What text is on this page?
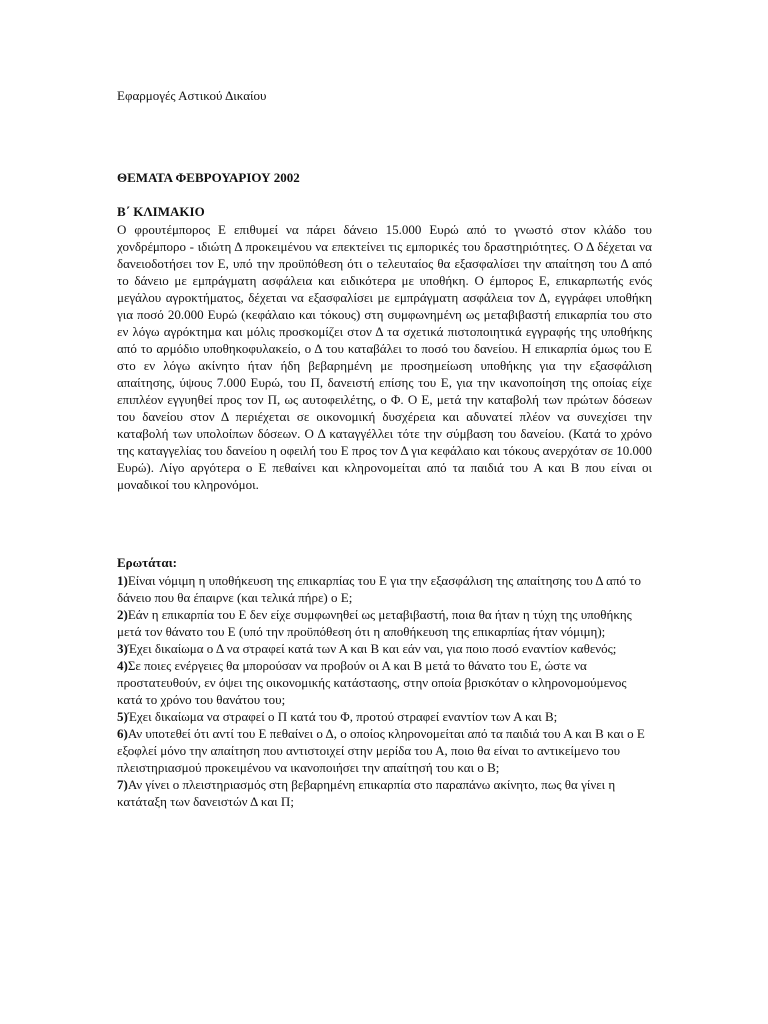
Εφαρμογές Αστικού Δικαίου

ΘΕΜΑΤΑ ΦΕΒΡΟΥΑΡΙΟΥ 2002

Β΄ ΚΛΙΜΑΚΙΟ

Ο φρουτέμπορος Ε επιθυμεί να πάρει δάνειο 15.000 Ευρώ από το γνωστό στον κλάδο του χονδρέμπορο - ιδιώτη Δ προκειμένου να επεκτείνει τις εμπορικές του δραστηριότητες. Ο Δ δέχεται να δανειοδοτήσει τον Ε, υπό την προϋπόθεση ότι ο τελευταίος θα εξασφαλίσει την απαίτηση του Δ από το δάνειο με εμπράγματη ασφάλεια και ειδικότερα με υποθήκη. Ο έμπορος Ε, επικαρπωτής ενός μεγάλου αγροκτήματος, δέχεται να εξασφαλίσει με εμπράγματη ασφάλεια τον Δ, εγγράφει υποθήκη για ποσό 20.000 Ευρώ (κεφάλαιο και τόκους) στη συμφωνημένη ως μεταβιβαστή επικαρπία του στο εν λόγω αγρόκτημα και μόλις προσκομίζει στον Δ τα σχετικά πιστοποιητικά εγγραφής της υποθήκης από το αρμόδιο υποθηκοφυλακείο, ο Δ του καταβάλει το ποσό του δανείου. Η επικαρπία όμως του Ε στο εν λόγω ακίνητο ήταν ήδη βεβαρημένη με προσημείωση υποθήκης για την εξασφάλιση απαίτησης, ύψους 7.000 Ευρώ, του Π, δανειστή επίσης του Ε, για την ικανοποίηση της οποίας είχε επιπλέον εγγυηθεί προς τον Π, ως αυτοφειλέτης, ο Φ. Ο Ε, μετά την καταβολή των πρώτων δόσεων του δανείου στον Δ περιέχεται σε οικονομική δυσχέρεια και αδυνατεί πλέον να συνεχίσει την καταβολή των υπολοίπων δόσεων. Ο Δ καταγγέλλει τότε την σύμβαση του δανείου. (Κατά το χρόνο της καταγγελίας του δανείου η οφειλή του Ε προς τον Δ για κεφάλαιο και τόκους ανερχόταν σε 10.000 Ευρώ). Λίγο αργότερα ο Ε πεθαίνει και κληρονομείται από τα παιδιά του Α και Β που είναι οι μοναδικοί του κληρονόμοι.

Ερωτάται:

1)Είναι νόμιμη η υποθήκευση της επικαρπίας του Ε για την εξασφάλιση της απαίτησης του Δ από το δάνειο που θα έπαιρνε (και τελικά πήρε) ο Ε;
2)Εάν η επικαρπία του Ε δεν είχε συμφωνηθεί ως μεταβιβαστή, ποια θα ήταν η τύχη της υποθήκης μετά τον θάνατο του Ε (υπό την προϋπόθεση ότι η αποθήκευση της επικαρπίας ήταν νόμιμη);
3)Έχει δικαίωμα ο Δ να στραφεί κατά των Α και Β και εάν ναι, για ποιο ποσό εναντίον καθενός;
4)Σε ποιες ενέργειες θα μπορούσαν να προβούν οι Α και Β μετά το θάνατο του Ε, ώστε να προστατευθούν, εν όψει της οικονομικής κατάστασης, στην οποία βρισκόταν ο κληρονομούμενος κατά το χρόνο του θανάτου του;
5)Έχει δικαίωμα να στραφεί ο Π κατά του Φ, προτού στραφεί εναντίον των Α και Β;
6)Αν υποτεθεί ότι αντί του Ε πεθαίνει ο Δ, ο οποίος κληρονομείται από τα παιδιά του Α και Β και ο Ε εξοφλεί μόνο την απαίτηση που αντιστοιχεί στην μερίδα του Α, ποιο θα είναι το αντικείμενο του πλειστηριασμού προκειμένου να ικανοποιήσει την απαίτησή του και ο Β;
7)Αν γίνει ο πλειστηριασμός στη βεβαρημένη επικαρπία στο παραπάνω ακίνητο, πως θα γίνει η κατάταξη των δανειστών Δ και Π;
